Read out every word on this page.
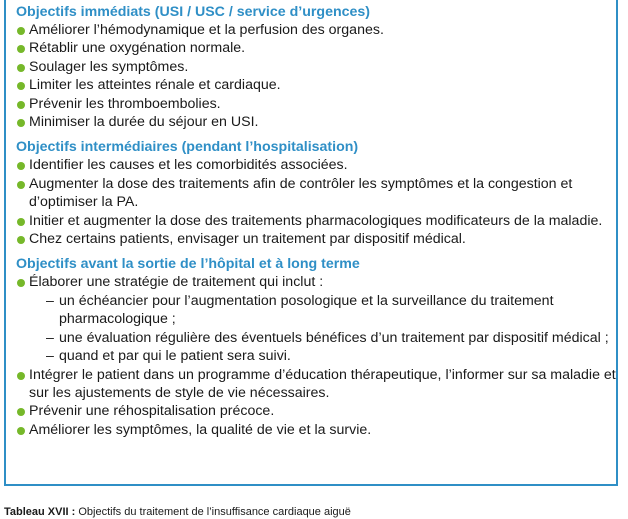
Objectifs immédiats (USI / USC / service d’urgences)

Améliorer l’hémodynamique et la perfusion des organes.
Rétablir une oxygénation normale.
Soulager les symptômes.
Limiter les atteintes rénale et cardiaque.
Prévenir les thromboembolies.
Minimiser la durée du séjour en USI.

Objectifs intermédiaires (pendant l’hospitalisation)

Identifier les causes et les comorbidités associées.
Augmenter la dose des traitements afin de contrôler les symptômes et la congestion et d’optimiser la PA.
Initier et augmenter la dose des traitements pharmacologiques modificateurs de la maladie.
Chez certains patients, envisager un traitement par dispositif médical.

Objectifs avant la sortie de l’hôpital et à long terme

Élaborer une stratégie de traitement qui inclut :
– un échéancier pour l’augmentation posologique et la surveillance du traitement pharmacologique ;
– une évaluation régulière des éventuels bénéfices d’un traitement par dispositif médical ;
– quand et par qui le patient sera suivi.
Intégrer le patient dans un programme d’éducation thérapeutique, l’informer sur sa maladie et sur les ajustements de style de vie nécessaires.
Prévenir une réhospitalisation précoce.
Améliorer les symptômes, la qualité de vie et la survie.
Tableau XVII : Objectifs du traitement de l’insuffisance cardiaque aiguë
